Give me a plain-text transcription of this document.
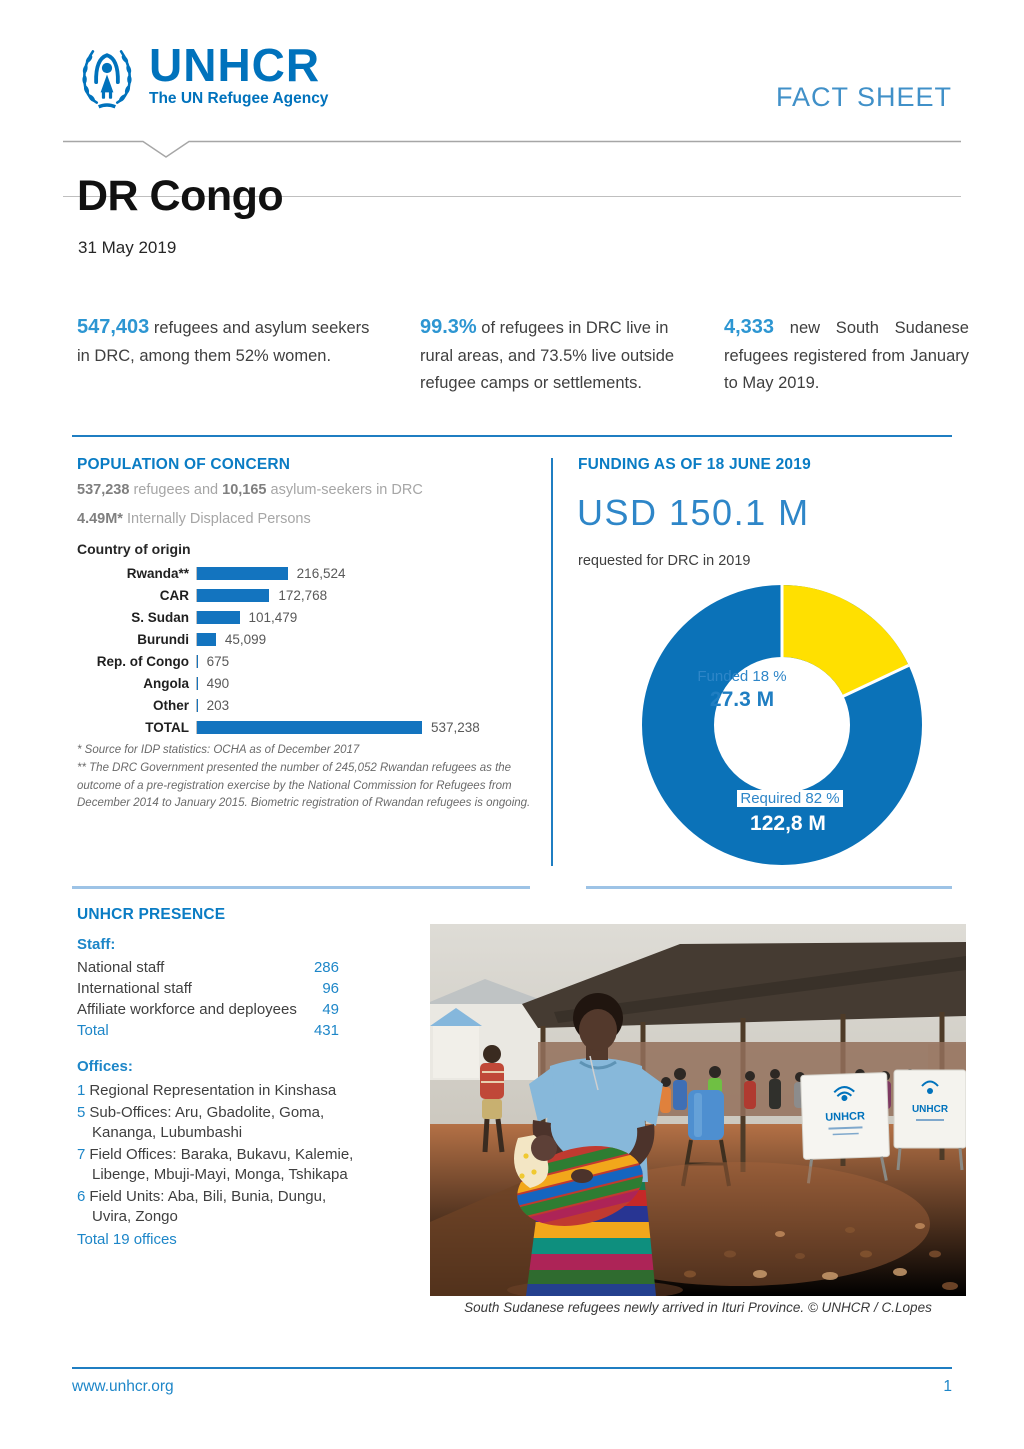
UNHCR
The UN Refugee Agency	FACT SHEET
DR Congo
31 May 2019

547,403 refugees and asylum seekers in DRC, among them 52% women.

99.3% of refugees in DRC live in rural areas, and 73.5% live outside refugee camps or settlements.

4,333 new South Sudanese refugees registered from January to May 2019.

POPULATION OF CONCERN
537,238 refugees and 10,165 asylum-seekers in DRC
4.49M* Internally Displaced Persons
Country of origin
Rwanda**	216,524
CAR	172,768
S. Sudan	101,479
Burundi	45,099
Rep. of Congo	675
Angola	490
Other	203
TOTAL	537,238
* Source for IDP statistics: OCHA as of December 2017
** The DRC Government presented the number of 245,052 Rwandan refugees as the outcome of a pre-registration exercise by the National Commission for Refugees from December 2014 to January 2015. Biometric registration of Rwandan refugees is ongoing.
FUNDING AS OF 18 JUNE 2019
USD 150.1 M
requested for DRC in 2019
Funded 18 %
27.3 M
Required 82 %
122,8 M
UNHCR PRESENCE
Staff:
National staff	286
International staff	96
Affiliate workforce and deployees 49
Total	431
Offices:
1 Regional Representation in Kinshasa
5 Sub-Offices: Aru, Gbadolite, Goma, Kananga, Lubumbashi
7 Field Offices: Baraka, Bukavu, Kalemie, Libenge, Mbuji-Mayi, Monga, Tshikapa
6 Field Units: Aba, Bili, Bunia, Dungu, Uvira, Zongo
Total 19 offices
UNHCR
UNHCR
South Sudanese refugees newly arrived in Ituri Province. © UNHCR / C.Lopes
www.unhcr.org	1
